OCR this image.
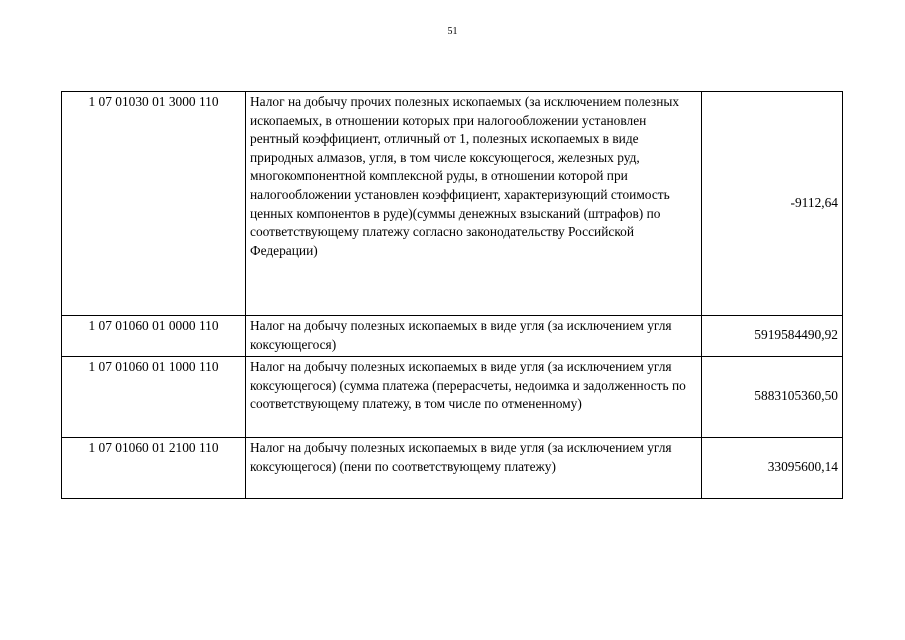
51
1 07 01030 01 3000 110	Налог на добычу прочих полезных ископаемых (за исключением полезных ископаемых, в отношении которых при налогообложении установлен рентный коэффициент, отличный от 1, полезных ископаемых в виде природных алмазов, угля, в том числе коксующегося, железных руд, многокомпонентной комплексной руды, в отношении которой при налогообложении установлен коэффициент, характеризующий стоимость ценных компонентов в руде)(суммы денежных взысканий (штрафов) по соответствующему платежу согласно законодательству Российской Федерации)	-9112,64
1 07 01060 01 0000 110	Налог на добычу полезных ископаемых в виде угля (за исключением угля коксующегося)	5919584490,92
1 07 01060 01 1000 110	Налог на добычу полезных ископаемых в виде угля (за исключением угля коксующегося) (сумма платежа (перерасчеты, недоимка и задолженность по соответствующему платежу, в том числе по отмененному)	5883105360,50
1 07 01060 01 2100 110	Налог на добычу полезных ископаемых в виде угля (за исключением угля коксующегося) (пени по соответствующему платежу)	33095600,14
